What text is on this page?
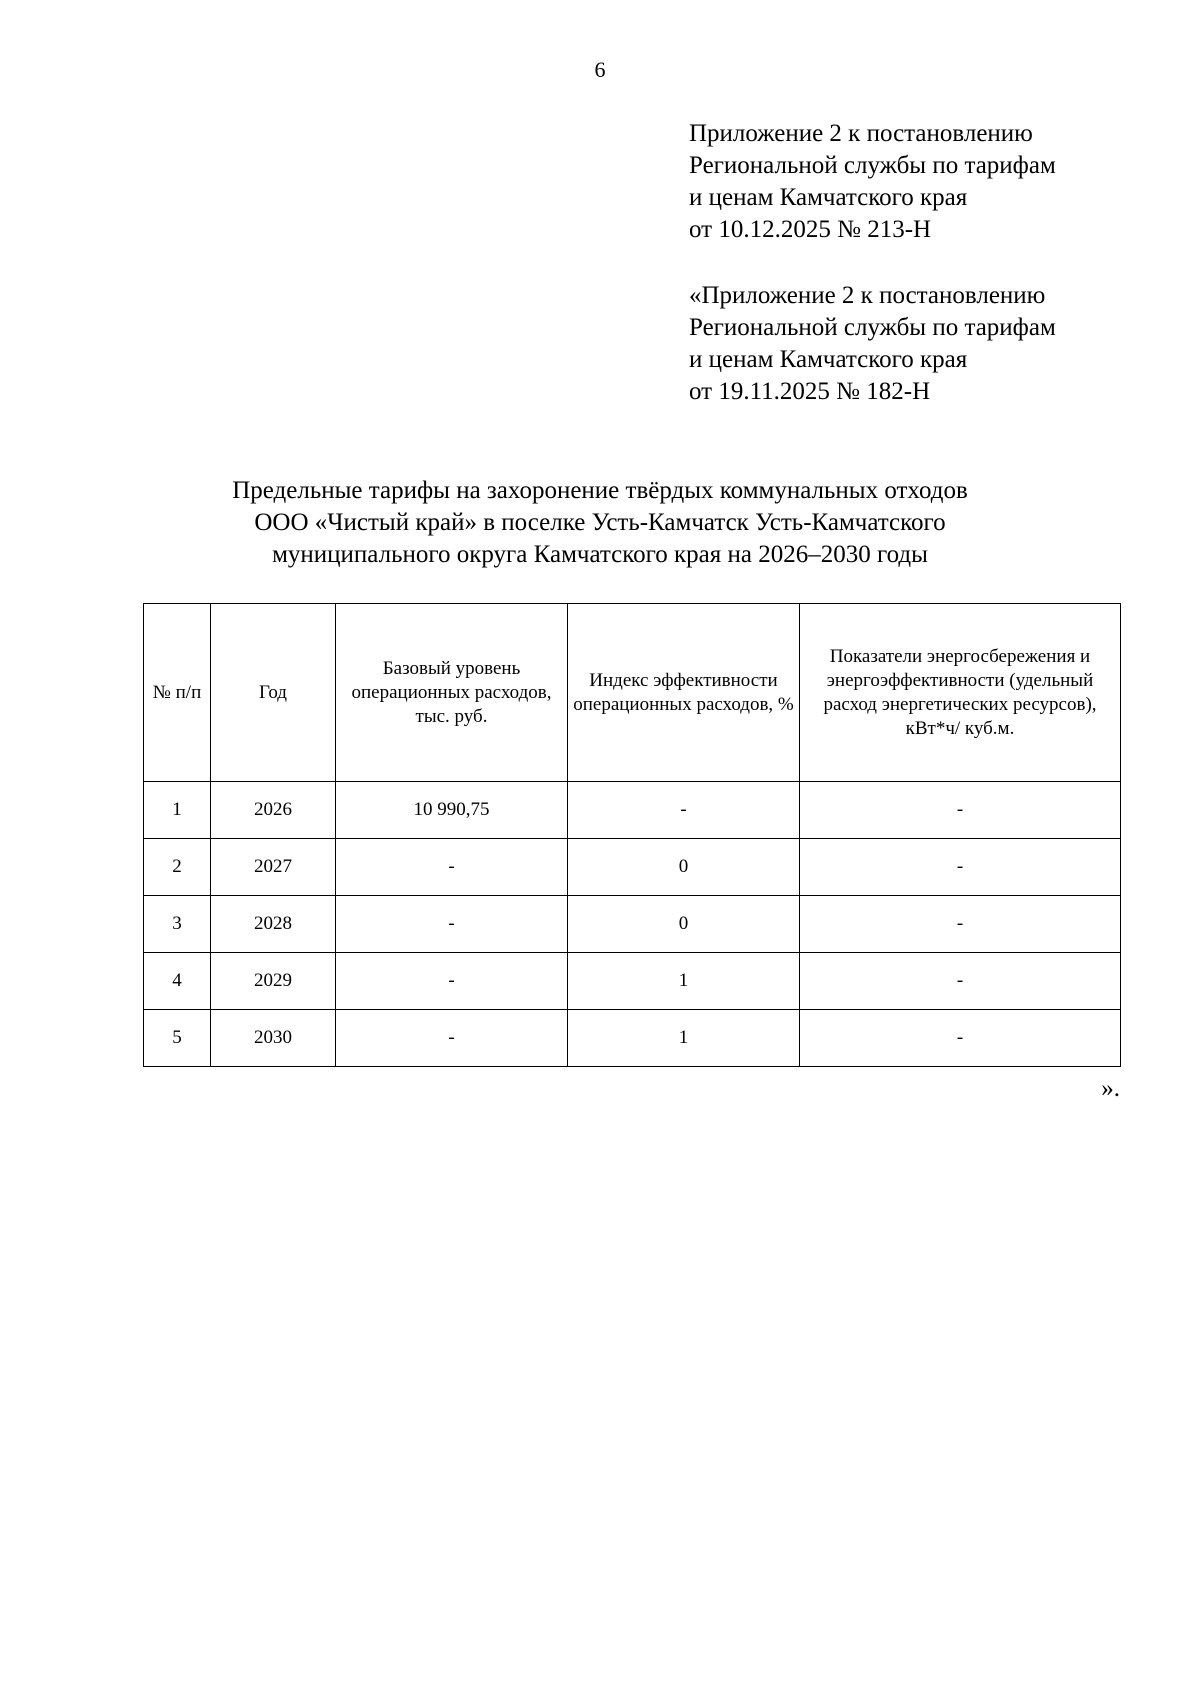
6
Приложение 2 к постановлению
Региональной службы по тарифам
и ценам Камчатского края
от 10.12.2025 № 213-Н
«Приложение 2 к постановлению
Региональной службы по тарифам
и ценам Камчатского края
от 19.11.2025 № 182-Н
Предельные тарифы на захоронение твёрдых коммунальных отходов
ООО «Чистый край» в поселке Усть-Камчатск Усть-Камчатского
муниципального округа Камчатского края на 2026–2030 годы
№ п/п	Год	Базовый уровень операционных расходов, тыс. руб.	Индекс эффективности операционных расходов, %	Показатели энергосбережения и энергоэффективности (удельный расход энергетических ресурсов), кВт*ч/ куб.м.
1	2026	10 990,75	-	-
2	2027	-	0	-
3	2028	-	0	-
4	2029	-	1	-
5	2030	-	1	-
».
